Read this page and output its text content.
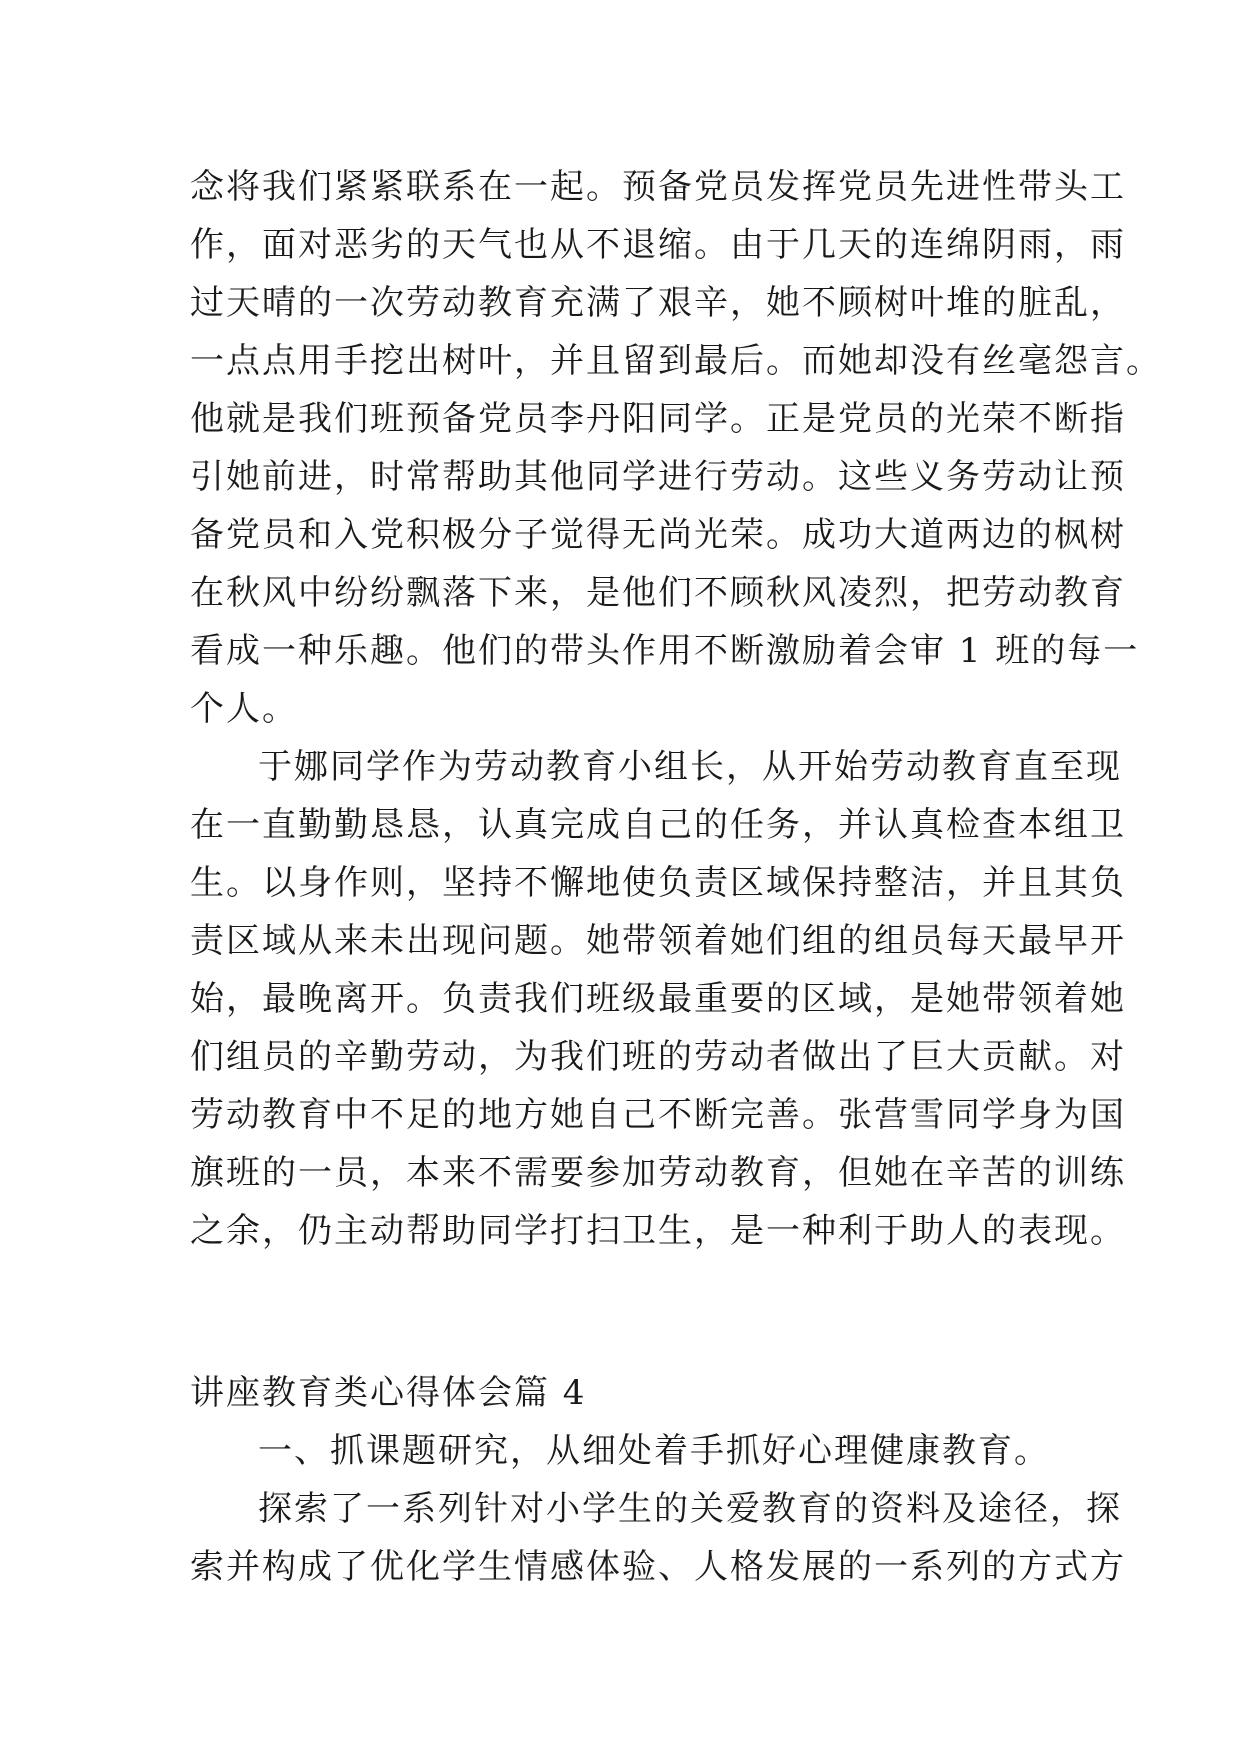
念将我们紧紧联系在一起。预备党员发挥党员先进性带头工
作，面对恶劣的天气也从不退缩。由于几天的连绵阴雨，雨
过天晴的一次劳动教育充满了艰辛，她不顾树叶堆的脏乱，
一点点用手挖出树叶，并且留到最后。而她却没有丝毫怨言。
他就是我们班预备党员李丹阳同学。正是党员的光荣不断指
引她前进，时常帮助其他同学进行劳动。这些义务劳动让预
备党员和入党积极分子觉得无尚光荣。成功大道两边的枫树
在秋风中纷纷飘落下来，是他们不顾秋风凌烈，把劳动教育
看成一种乐趣。他们的带头作用不断激励着会审 1 班的每一
个人。
于娜同学作为劳动教育小组长，从开始劳动教育直至现
在一直勤勤恳恳，认真完成自己的任务，并认真检查本组卫
生。以身作则，坚持不懈地使负责区域保持整洁，并且其负
责区域从来未出现问题。她带领着她们组的组员每天最早开
始，最晚离开。负责我们班级最重要的区域，是她带领着她
们组员的辛勤劳动，为我们班的劳动者做出了巨大贡献。对
劳动教育中不足的地方她自己不断完善。张营雪同学身为国
旗班的一员，本来不需要参加劳动教育，但她在辛苦的训练
之余，仍主动帮助同学打扫卫生，是一种利于助人的表现。
讲座教育类心得体会篇 4
一、抓课题研究，从细处着手抓好心理健康教育。
探索了一系列针对小学生的关爱教育的资料及途径，探
索并构成了优化学生情感体验、人格发展的一系列的方式方
